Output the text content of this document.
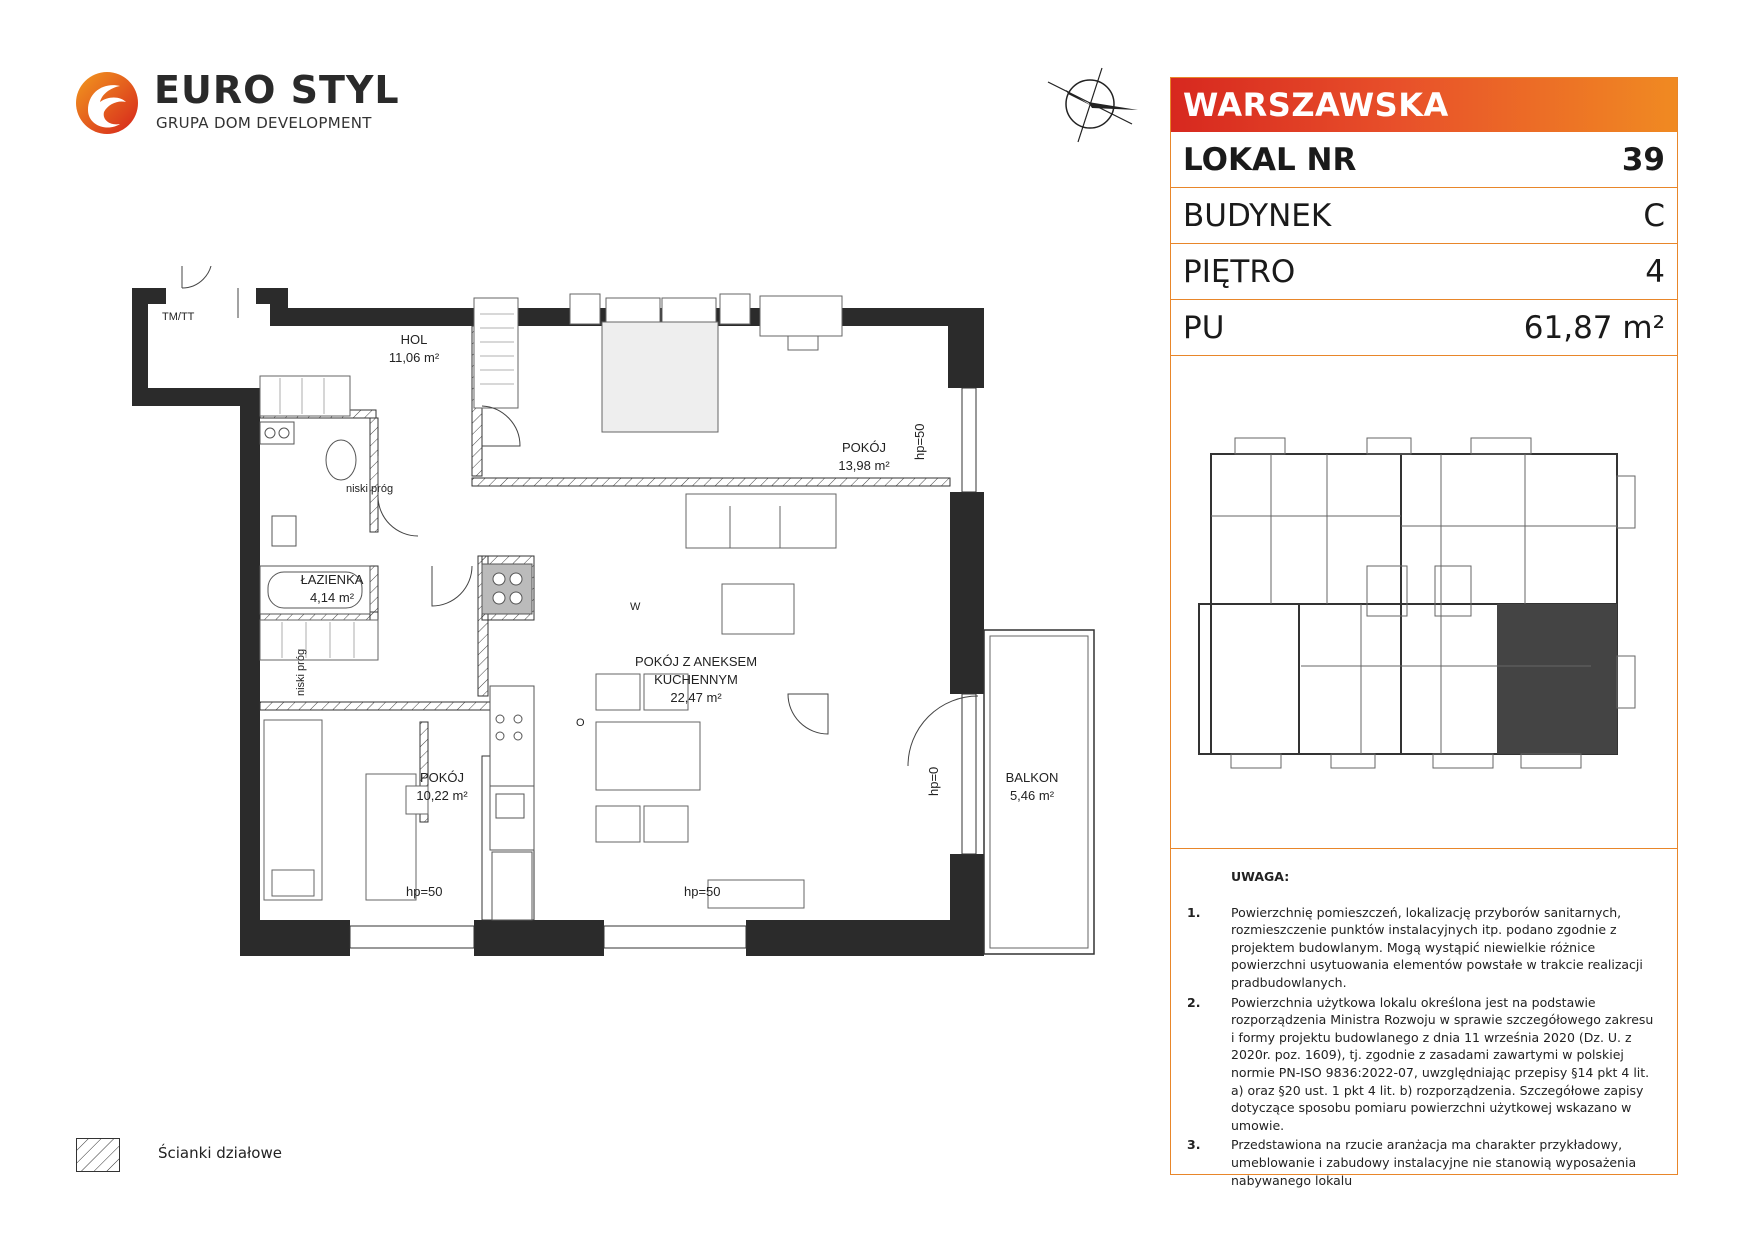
EURO STYL
GRUPA DOM DEVELOPMENT
HOL
11,06 m²
POKÓJ
13,98 m²
ŁAZIENKA
4,14 m²
POKÓJ Z ANEKSEM
KUCHENNYM
22,47 m²
POKÓJ
10,22 m²
BALKON
5,46 m²
TM/TT
niski próg
niski próg
hp=50	hp=50
hp=50
hp=0
W
O
Ścianki działowe
WARSZAWSKA
LOKAL NR	39
BUDYNEK	C
PIĘTRO	4
PU	61,87 m²
UWAGA:
1.	Powierzchnię pomieszczeń, lokalizację przyborów sanitarnych, rozmieszczenie punktów instalacyjnych itp. podano zgodnie z projektem budowlanym. Mogą wystąpić niewielkie różnice powierzchni usytuowania elementów powstałe w trakcie realizacji pradbudowlanych.
2.	Powierzchnia użytkowa lokalu określona jest na podstawie rozporządzenia Ministra Rozwoju w sprawie szczegółowego zakresu i formy projektu budowlanego z dnia 11 września 2020 (Dz. U. z 2020r. poz. 1609), tj. zgodnie z zasadami zawartymi w polskiej normie PN-ISO 9836:2022-07, uwzględniając przepisy §14 pkt 4 lit. a) oraz §20 ust. 1 pkt 4 lit. b) rozporządzenia. Szczegółowe zapisy dotyczące sposobu pomiaru powierzchni użytkowej wskazano w umowie.
3.	Przedstawiona na rzucie aranżacja ma charakter przykładowy, umeblowanie i zabudowy instalacyjne nie stanowią wyposażenia nabywanego lokalu
